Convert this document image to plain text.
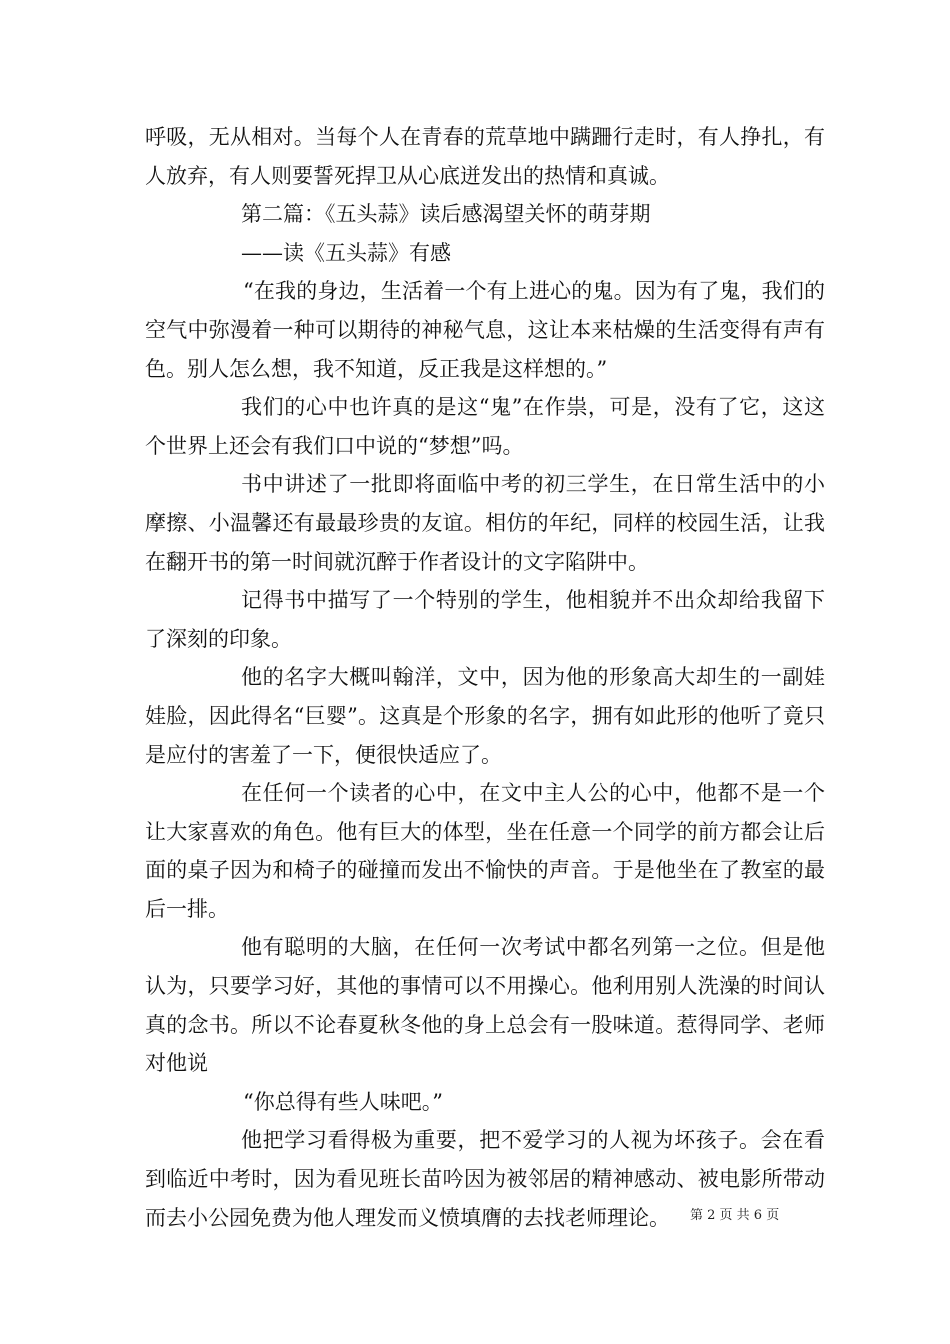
呼吸，无从相对。当每个人在青春的荒草地中蹒跚行走时，有人挣扎，有人放弃，有人则要誓死捍卫从心底迸发出的热情和真诚。

第二篇：《五头蒜》读后感渴望关怀的萌芽期

——读《五头蒜》有感

“在我的身边，生活着一个有上进心的鬼。因为有了鬼，我们的空气中弥漫着一种可以期待的神秘气息，这让本来枯燥的生活变得有声有色。别人怎么想，我不知道，反正我是这样想的。”

我们的心中也许真的是这“鬼”在作祟，可是，没有了它，这这个世界上还会有我们口中说的“梦想”吗。

书中讲述了一批即将面临中考的初三学生，在日常生活中的小摩擦、小温馨还有最最珍贵的友谊。相仿的年纪，同样的校园生活，让我在翻开书的第一时间就沉醉于作者设计的文字陷阱中。

记得书中描写了一个特别的学生，他相貌并不出众却给我留下了深刻的印象。

他的名字大概叫翰洋，文中，因为他的形象高大却生的一副娃娃脸，因此得名“巨婴”。这真是个形象的名字，拥有如此形的他听了竟只是应付的害羞了一下，便很快适应了。

在任何一个读者的心中，在文中主人公的心中，他都不是一个让大家喜欢的角色。他有巨大的体型，坐在任意一个同学的前方都会让后面的桌子因为和椅子的碰撞而发出不愉快的声音。于是他坐在了教室的最后一排。

他有聪明的大脑，在任何一次考试中都名列第一之位。但是他认为，只要学习好，其他的事情可以不用操心。他利用别人洗澡的时间认真的念书。所以不论春夏秋冬他的身上总会有一股味道。惹得同学、老师对他说

“你总得有些人味吧。”

他把学习看得极为重要，把不爱学习的人视为坏孩子。会在看到临近中考时，因为看见班长苗吟因为被邻居的精神感动、被电影所带动而去小公园免费为他人理发而义愤填膺的去找老师理论。	第 2 页 共 6 页
